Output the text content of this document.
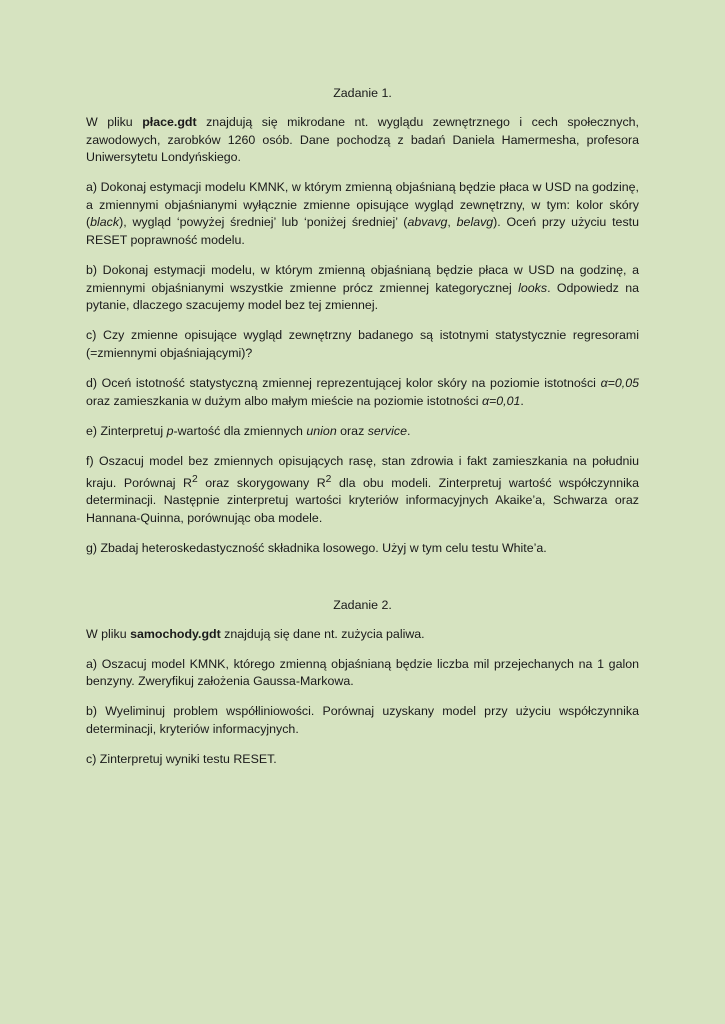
Zadanie 1.

W pliku płace.gdt znajdują się mikrodane nt. wyglądu zewnętrznego i cech społecznych, zawodowych, zarobków 1260 osób. Dane pochodzą z badań Daniela Hamermesha, profesora Uniwersytetu Londyńskiego.

a) Dokonaj estymacji modelu KMNK, w którym zmienną objaśnianą będzie płaca w USD na godzinę, a zmiennymi objaśnianymi wyłącznie zmienne opisujące wygląd zewnętrzny, w tym: kolor skóry (black), wygląd ‘powyżej średniej’ lub ‘poniżej średniej’ (abvavg, belavg). Oceń przy użyciu testu RESET poprawność modelu.

b) Dokonaj estymacji modelu, w którym zmienną objaśnianą będzie płaca w USD na godzinę, a zmiennymi objaśnianymi wszystkie zmienne prócz zmiennej kategorycznej looks. Odpowiedz na pytanie, dlaczego szacujemy model bez tej zmiennej.

c) Czy zmienne opisujące wygląd zewnętrzny badanego są istotnymi statystycznie regresorami (=zmiennymi objaśniającymi)?

d) Oceń istotność statystyczną zmiennej reprezentującej kolor skóry na poziomie istotności α=0,05 oraz zamieszkania w dużym albo małym mieście na poziomie istotności α=0,01.

e) Zinterpretuj p-wartość dla zmiennych union oraz service.

f) Oszacuj model bez zmiennych opisujących rasę, stan zdrowia i fakt zamieszkania na południu kraju. Porównaj $R^2$ oraz skorygowany $R^2$ dla obu modeli. Zinterpretuj wartość współczynnika determinacji. Następnie zinterpretuj wartości kryteriów informacyjnych Akaike’a, Schwarza oraz Hannana-Quinna, porównując oba modele.

g) Zbadaj heteroskedastyczność składnika losowego. Użyj w tym celu testu White’a.

Zadanie 2.

W pliku samochody.gdt znajdują się dane nt. zużycia paliwa.

a) Oszacuj model KMNK, którego zmienną objaśnianą będzie liczba mil przejechanych na 1 galon benzyny. Zweryfikuj założenia Gaussa-Markowa.

b) Wyeliminuj problem współliniowości. Porównaj uzyskany model przy użyciu współczynnika determinacji, kryteriów informacyjnych.

c) Zinterpretuj wyniki testu RESET.
